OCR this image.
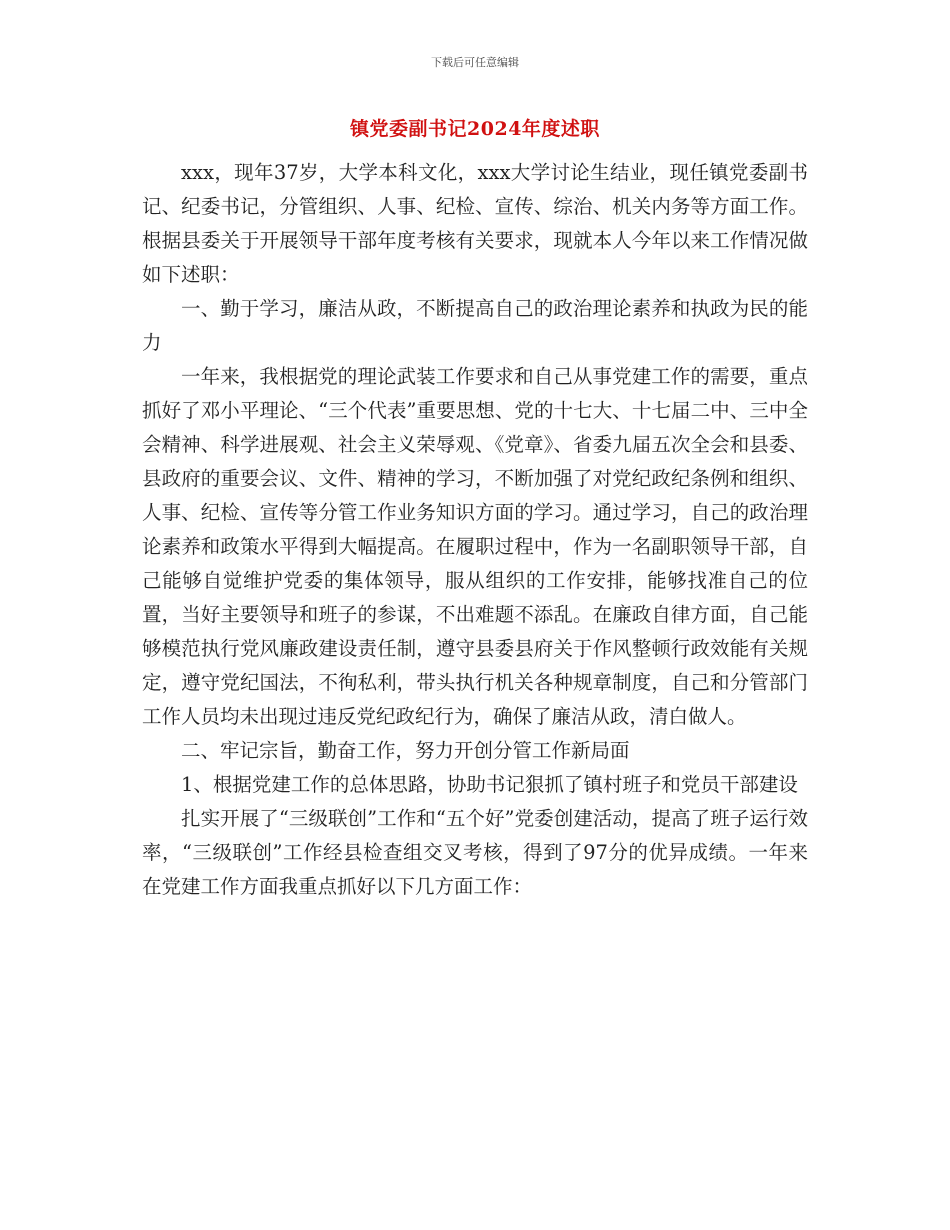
下载后可任意编辑
镇党委副书记2024年度述职

xxx，现年37岁，大学本科文化，xxx大学讨论生结业，现任镇党委副书记、纪委书记，分管组织、人事、纪检、宣传、综治、机关内务等方面工作。根据县委关于开展领导干部年度考核有关要求，现就本人今年以来工作情况做如下述职：

一、勤于学习，廉洁从政，不断提高自己的政治理论素养和执政为民的能力

一年来，我根据党的理论武装工作要求和自己从事党建工作的需要，重点抓好了邓小平理论、“三个代表”重要思想、党的十七大、十七届二中、三中全会精神、科学进展观、社会主义荣辱观、《党章》、省委九届五次全会和县委、县政府的重要会议、文件、精神的学习，不断加强了对党纪政纪条例和组织、人事、纪检、宣传等分管工作业务知识方面的学习。通过学习，自己的政治理论素养和政策水平得到大幅提高。在履职过程中，作为一名副职领导干部，自己能够自觉维护党委的集体领导，服从组织的工作安排，能够找准自己的位置，当好主要领导和班子的参谋，不出难题不添乱。在廉政自律方面，自己能够模范执行党风廉政建设责任制，遵守县委县府关于作风整顿行政效能有关规定，遵守党纪国法，不徇私利，带头执行机关各种规章制度，自己和分管部门工作人员均未出现过违反党纪政纪行为，确保了廉洁从政，清白做人。

二、牢记宗旨，勤奋工作，努力开创分管工作新局面

1、根据党建工作的总体思路，协助书记狠抓了镇村班子和党员干部建设

扎实开展了“三级联创”工作和“五个好”党委创建活动，提高了班子运行效率，“三级联创”工作经县检查组交叉考核，得到了97分的优异成绩。一年来在党建工作方面我重点抓好以下几方面工作：
